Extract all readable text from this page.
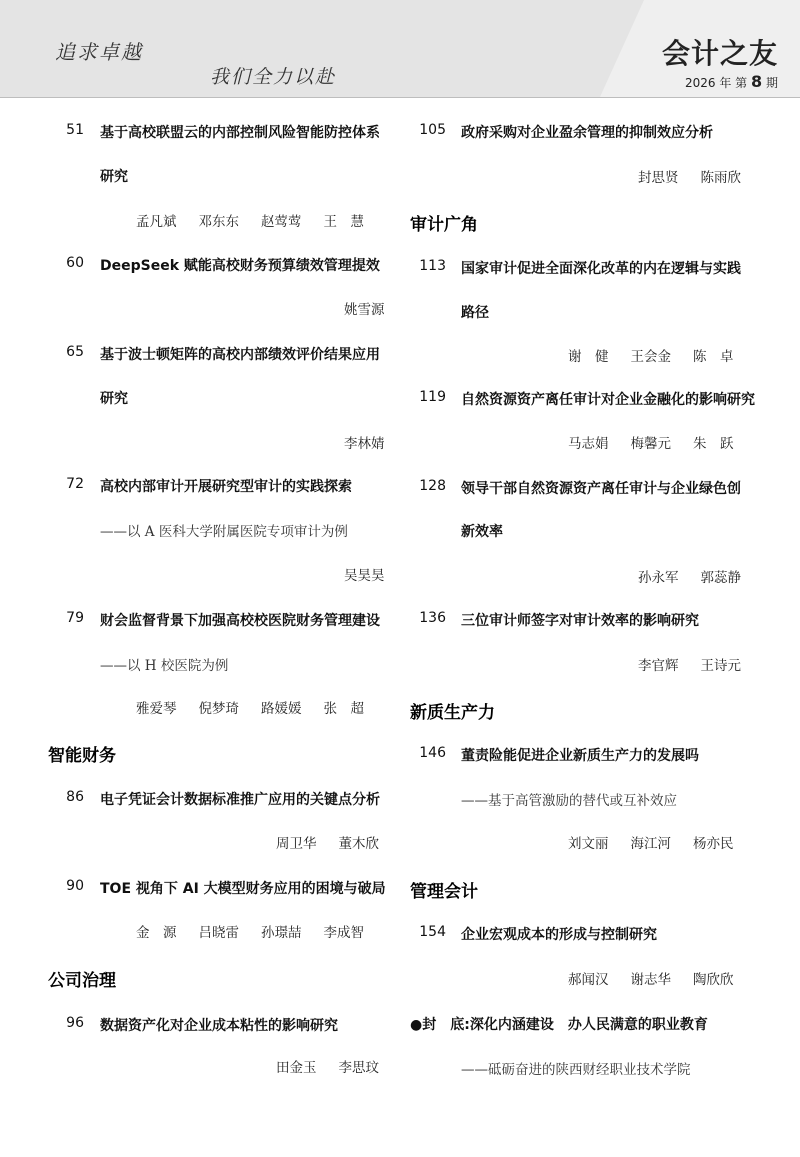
追求卓越
我们全力以赴
会计之友
2026 年 第 8 期
51 基于高校联盟云的内部控制风险智能防控体系
研究
孟凡斌 邓东东 赵莺莺 王　慧
60 DeepSeek 赋能高校财务预算绩效管理提效
姚雪源
65 基于波士顿矩阵的高校内部绩效评价结果应用
研究
李林婧
72 高校内部审计开展研究型审计的实践探索
——以 A 医科大学附属医院专项审计为例
吴昊昊
79 财会监督背景下加强高校校医院财务管理建设
——以 H 校医院为例
雅爱琴 倪梦琦 路媛媛 张　超
智能财务
86 电子凭证会计数据标准推广应用的关键点分析
周卫华 董木欣
90 TOE 视角下 AI 大模型财务应用的困境与破局
金　源 吕晓雷 孙璟喆 李成智
公司治理
96 数据资产化对企业成本粘性的影响研究
田金玉 李思玟
105 政府采购对企业盈余管理的抑制效应分析
封思贤 陈雨欣
审计广角
113 国家审计促进全面深化改革的内在逻辑与实践
路径
谢　健 王会金 陈　卓
119 自然资源资产离任审计对企业金融化的影响研究
马志娟 梅馨元 朱　跃
128 领导干部自然资源资产离任审计与企业绿色创
新效率
孙永军 郭蕊静
136 三位审计师签字对审计效率的影响研究
李官辉 王诗元
新质生产力
146 董责险能促进企业新质生产力的发展吗
——基于高管激励的替代或互补效应
刘文丽 海江河 杨亦民
管理会计
154 企业宏观成本的形成与控制研究
郝闻汉 谢志华 陶欣欣
●封　底:深化内涵建设　办人民满意的职业教育
——砥砺奋进的陕西财经职业技术学院
